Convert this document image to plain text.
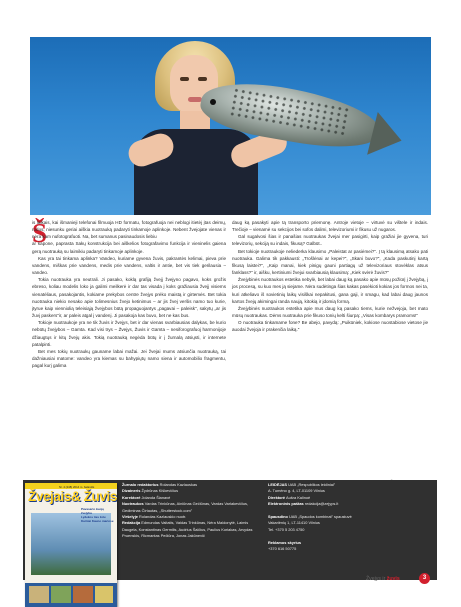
Š

is laikais, kai išmanieji telefonai filmuoja HD formatu, fotografuoja nei neblogi itietėj įtas deimų, rodos, niesunku geriai aiškia nuotrauką padaryti tinkamoje aplinkoje. Nebent žvejojate vienas ir nėra kam nufotografuoti. Na, bet sumanus pasinaudosis liebiu

ar kapone, paprasta Sakų konstrukcija bei aiškelios fotografavimo funkcija ir vieninelis gaiena gerą nuotrauką su laimikiu padaryti tinkamoje aplinkoje.

Kas yra tai tinkama aplinka? Vandeo, kuriame gyvena žuvis, pakrantės kelimai, pieva prie vandens, miškas prie vandens, medis prie vandens, valtis ir antie, bet vis tiek gerilausia – vandeo.

Tokia nuotrauka yra neutrali. Ji pasako, koklą grafiją žvejį žvejyno pagavo, koks grožis ebreso, koliau modelis loko ja galimi meilkerė ir dar tas visada į koks gražiausia žvejį visiems vienatėliaus, pasakojantis, kokiame prekybos centre žvejys prėko maistą ir girtemės. Bet tokia nuotrauka niekio nesako apie tolimesnius žvejo ketinimus – ar jis žvej veršis namo tuo kurie, įtyrue kaip vienniolią teleisiąją žvejybos būtą propaguojantys „pagavai – paleisk", sakytų „ar jis žuvį paskers"ir, ar paleis atgal į vandenį. Ji pasakoja kas buvo, bet ne kas bus.

Tokioje nuotraukoje yra ne tik žuvis ir žvejys, bet ir dar vienas svarbiausias dalykas, be kurio nebūtų žvejybos – Gamta. Kad visi trys – Žvejys, Žuvis ir Gamta – nesiforografuoj harmonijoje džiaugtųs ir kitų žvejų akis. Tokią nuotrauką negėda būtų ir į žurnalą atsiųsti, ir internete patalpinti.

Bet mes tokių nuotraukų gauname labai mažai. Jei žvejai mums atsiunčia nuotrauką, tai dažniausiai matome: vandeo yra kiemas su bahypiųtų namo siena ir automobilio fragmentu, pagal kurį galima

daug ką pasakyti apie tą transporto priemonę. Antroje vietoje – virtuvė su vištele ir indais. Trečioje – vienamė su sekcijos bei sofos dalimi, televizoriumi ir fikusu už nugaros.

Gal sugalvosi šias ir panašias nuotraukas žvejai mer pasigirti, kaip gražiai jie gyvena, turi televizorių, sekciją su indais, fikusą? Galbūt..

Bet tokioje nuotraukoje neliederka klausimo „Paleistat ar pasiėmei?". Į tą klausimą atsako pati nuotrauka. Galima tik pakkausti: „Trošlėnai ar kepei?", „Skani buvo?", „Kada paskutinį kartą fikusą laistei?", „Kaip manai, kiek pinigų gauni partiagų už televizoriaus stovėklas atsus fanklass?" ir, aišku, kertiniumi žvejui svarbiausią klausimą: „Kiek svėrė žuvis?"

Žvejybinės nuotraukos estetika nebylė, bet labai daug ką pasako apie mūsų požiūrį į žvejybą, į jos procesą, su kuo mes ją siejame. Nėra sudėtinga šias kakas pasėkioti kokias jos formos nei ta, kuri atkeliavo iš sovietinių laikų visiškai nepakitusi, gana gaji, ir smagu, kad labai daug jaunos kartos žvejų akimingai randa naują, kitokią ir įdomią formą.

Žvejybinės nuotraukos estetika apie mus daug ką pasako tiems, kurie nežvejoja, bet mato mūsų nuotraukas. Dėms nuotrauka prie fikuso tonių kelti šiurpą: „Visas kombarys pramoms!"

O nuotrauka tinkamame fone? Be abejo, pavydą: „Puikūniek, kokiose nuostabiose vietose jie auodai žvejoja ir prakenčia laiką."

Nr. 4 (248) 2014 m. balandis
Žvejais& Žuvis
Pavasario kuojų žvejyba
Lydekos ties žole
Karšiai Kauno mariose
Žurnalo redaktorius Rolandas Kazlauskas
Dizaineris Žydrūnas Kiškevičius
Korektorė Jolanda Šianavė
Nuotraukos Vardas Trinkūnas, Ainiūnas Gečiūnas, Vardas Varlakevičius, Gediminas Čirtautas, „Shutterstock.com"
Viršelyje Rolandas Kazlauskio nuotr.
Redakcija Edmundas Vaitatis, Vaidas Trinkūnas, Nėra Maldonytė, Laimis Daugela, Konstantinas Germilis, Audrius Šalčius, Paulius Koriakas, Arvydas Pruenskis, Ricmantas Pečiūra, Jonas Jakūnevič
LEIDĖJAS UAB „Respublikos leidiniai"
A. Tumėno g. 4, LT-01109 Vilnius
Direktorė Aušra Kalinoė
Elektroninis paštas redakcija@zejyps.lt
Spausdino UAB „Spaudos kombinat" spaustuvė
Vakariėnių 1, LT-11410 Vilnius
Tel. +370 5 203 4750
Reklamos skyrius
+370 616 50775
Žvejys ir žuvis	3
